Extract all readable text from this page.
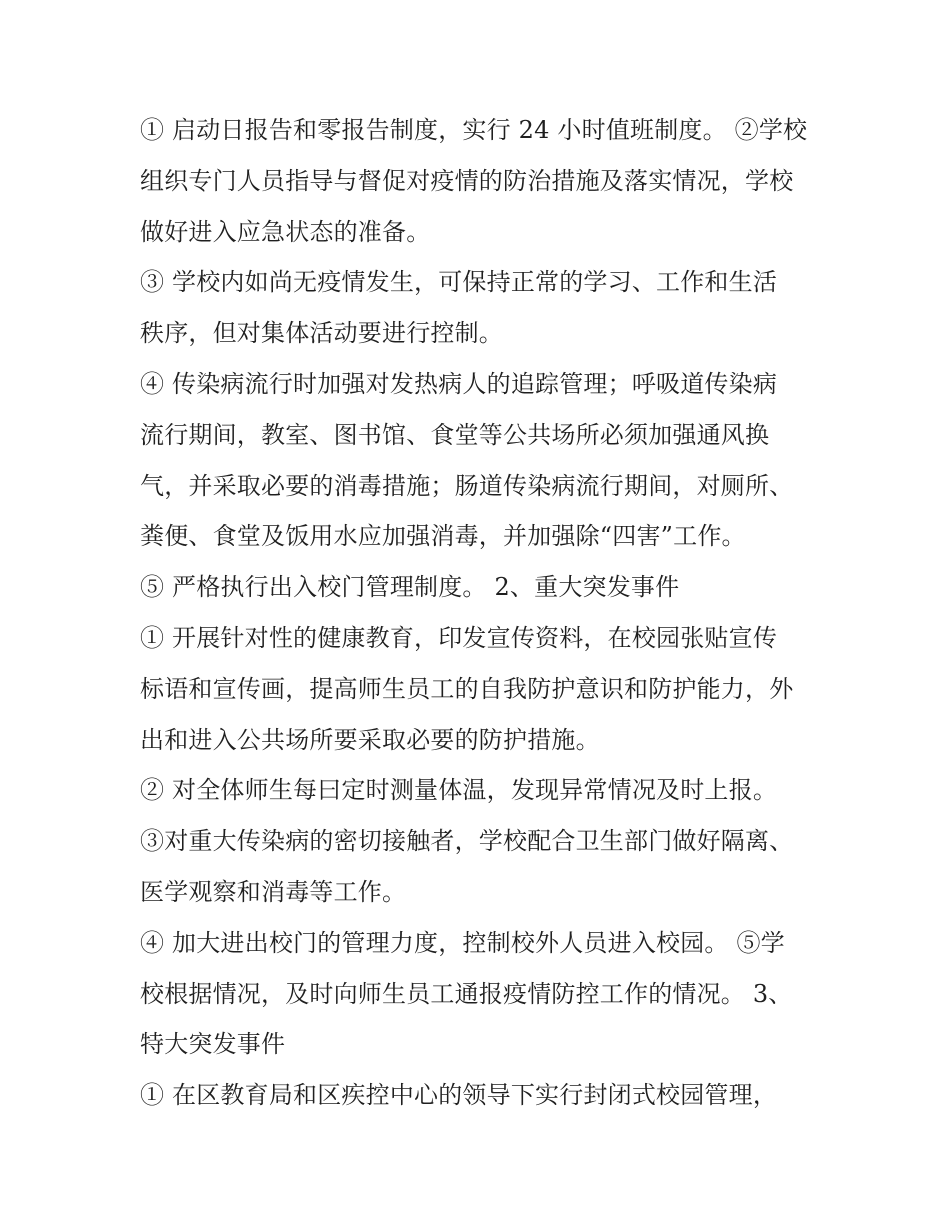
① 启动日报告和零报告制度，实行 24 小时值班制度。 ②学校
组织专门人员指导与督促对疫情的防治措施及落实情况，学校
做好进入应急状态的准备。
③ 学校内如尚无疫情发生，可保持正常的学习、工作和生活
秩序，但对集体活动要进行控制。
④ 传染病流行时加强对发热病人的追踪管理；呼吸道传染病
流行期间，教室、图书馆、食堂等公共场所必须加强通风换
气，并采取必要的消毒措施；肠道传染病流行期间，对厕所、
粪便、食堂及饭用水应加强消毒，并加强除“四害”工作。
⑤ 严格执行出入校门管理制度。 2、重大突发事件
① 开展针对性的健康教育，印发宣传资料，在校园张贴宣传
标语和宣传画，提高师生员工的自我防护意识和防护能力，外
出和进入公共场所要采取必要的防护措施。
② 对全体师生每曰定时测量体温，发现异常情况及时上报。
③对重大传染病的密切接触者，学校配合卫生部门做好隔离、
医学观察和消毒等工作。
④ 加大进出校门的管理力度，控制校外人员进入校园。 ⑤学
校根据情况，及时向师生员工通报疫情防控工作的情况。 3、
特大突发事件
① 在区教育局和区疾控中心的领导下实行封闭式校园管理，
